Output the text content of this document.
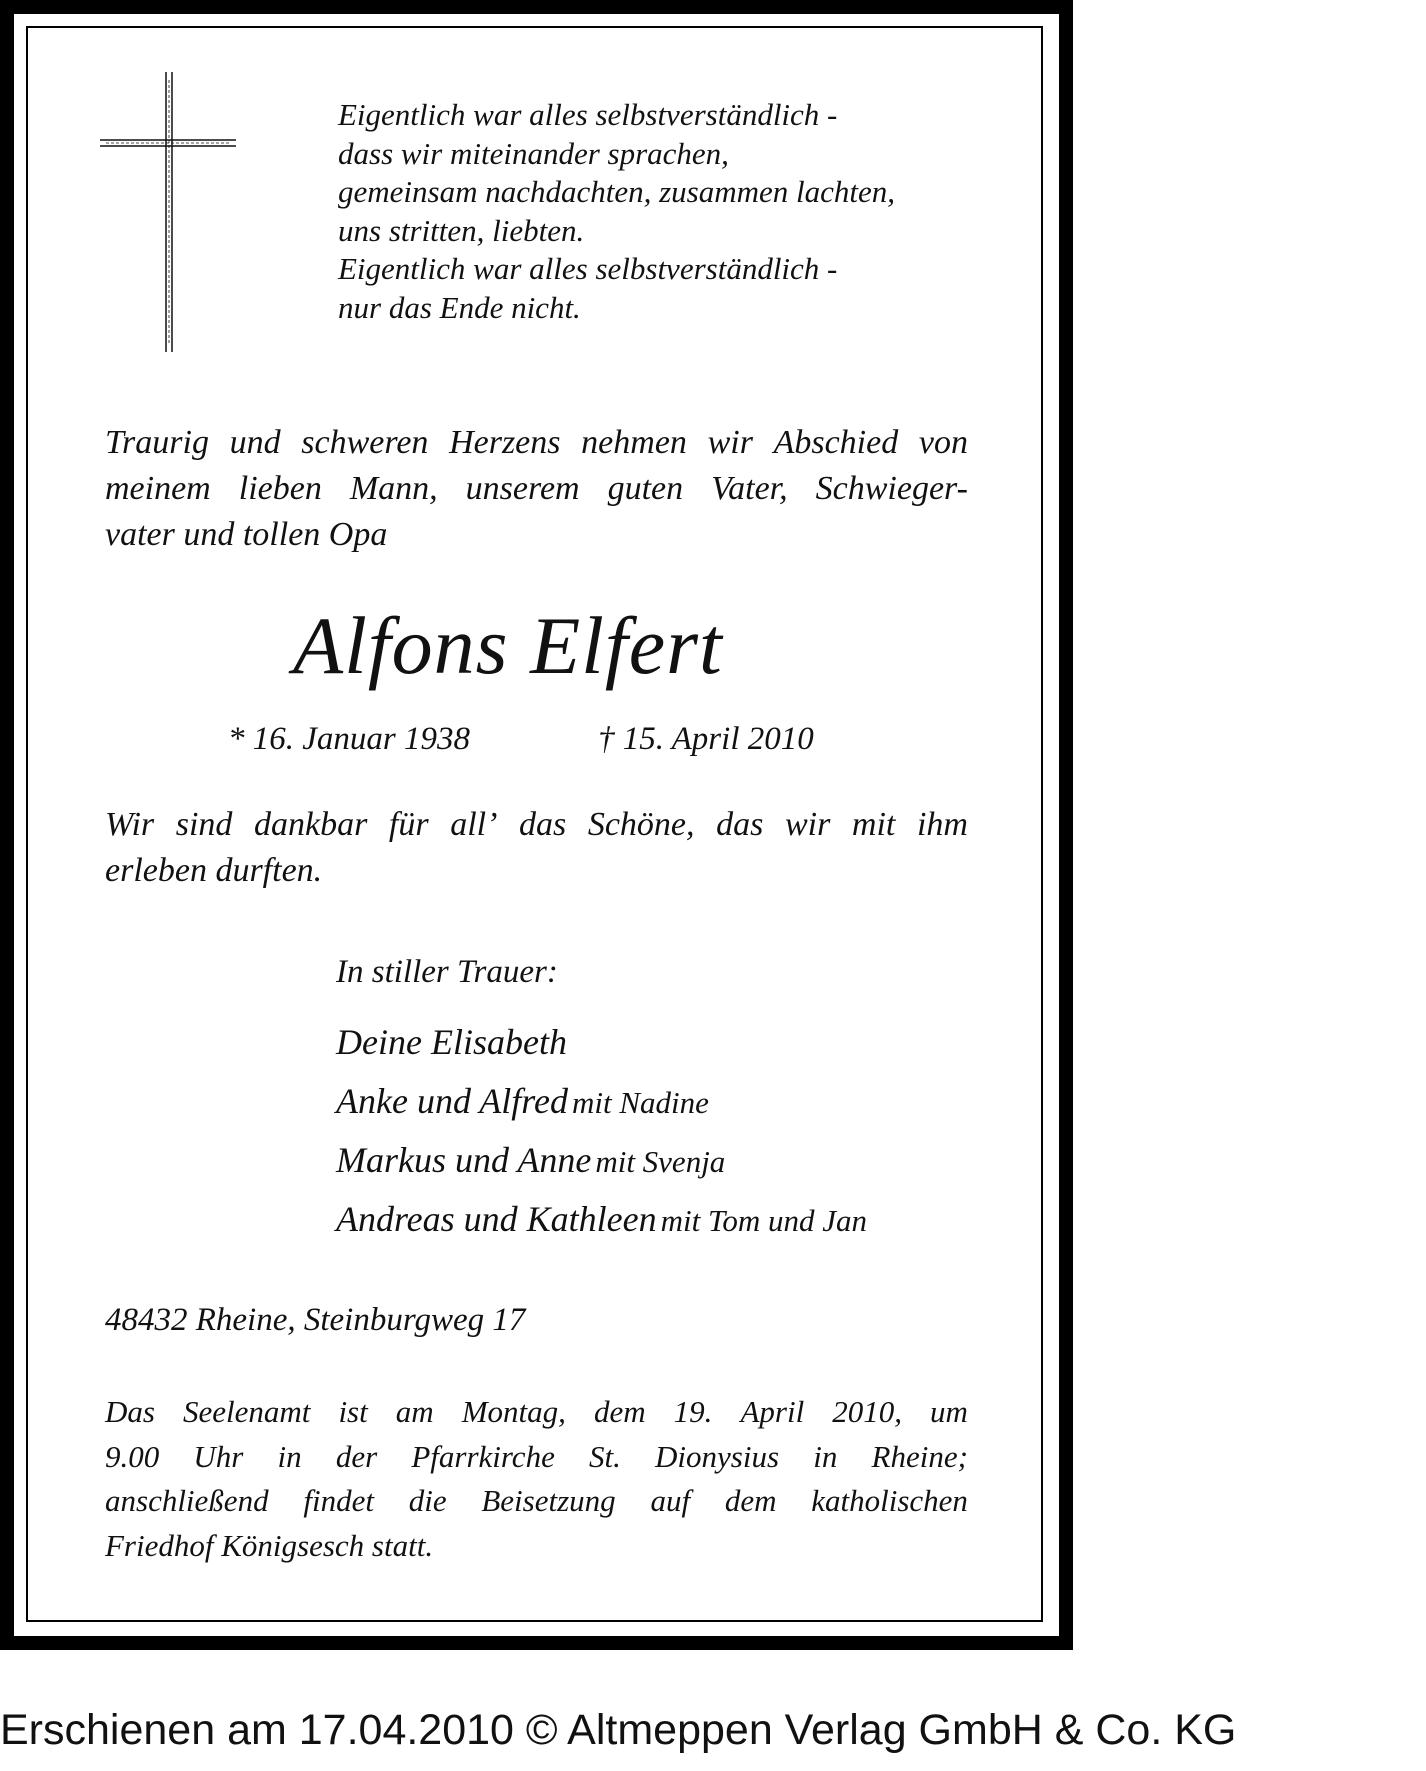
Eigentlich war alles selbstverständlich -
dass wir miteinander sprachen,
gemeinsam nachdachten, zusammen lachten,
uns stritten, liebten.
Eigentlich war alles selbstverständlich -
nur das Ende nicht.
Traurig und schweren Herzens nehmen wir Abschied von
meinem lieben Mann, unserem guten Vater, Schwieger-
vater und tollen Opa
Alfons Elfert
* 16. Januar 1938	† 15. April 2010
Wir sind dankbar für all’ das Schöne, das wir mit ihm
erleben durften.
In stiller Trauer:
Deine Elisabeth
Anke und Alfred mit Nadine
Markus und Anne mit Svenja
Andreas und Kathleen mit Tom und Jan
48432 Rheine, Steinburgweg 17
Das Seelenamt ist am Montag, dem 19. April 2010, um
9.00 Uhr in der Pfarrkirche St. Dionysius in Rheine;
anschließend findet die Beisetzung auf dem katholischen
Friedhof Königsesch statt.
Erschienen am 17.04.2010 © Altmeppen Verlag GmbH & Co. KG
